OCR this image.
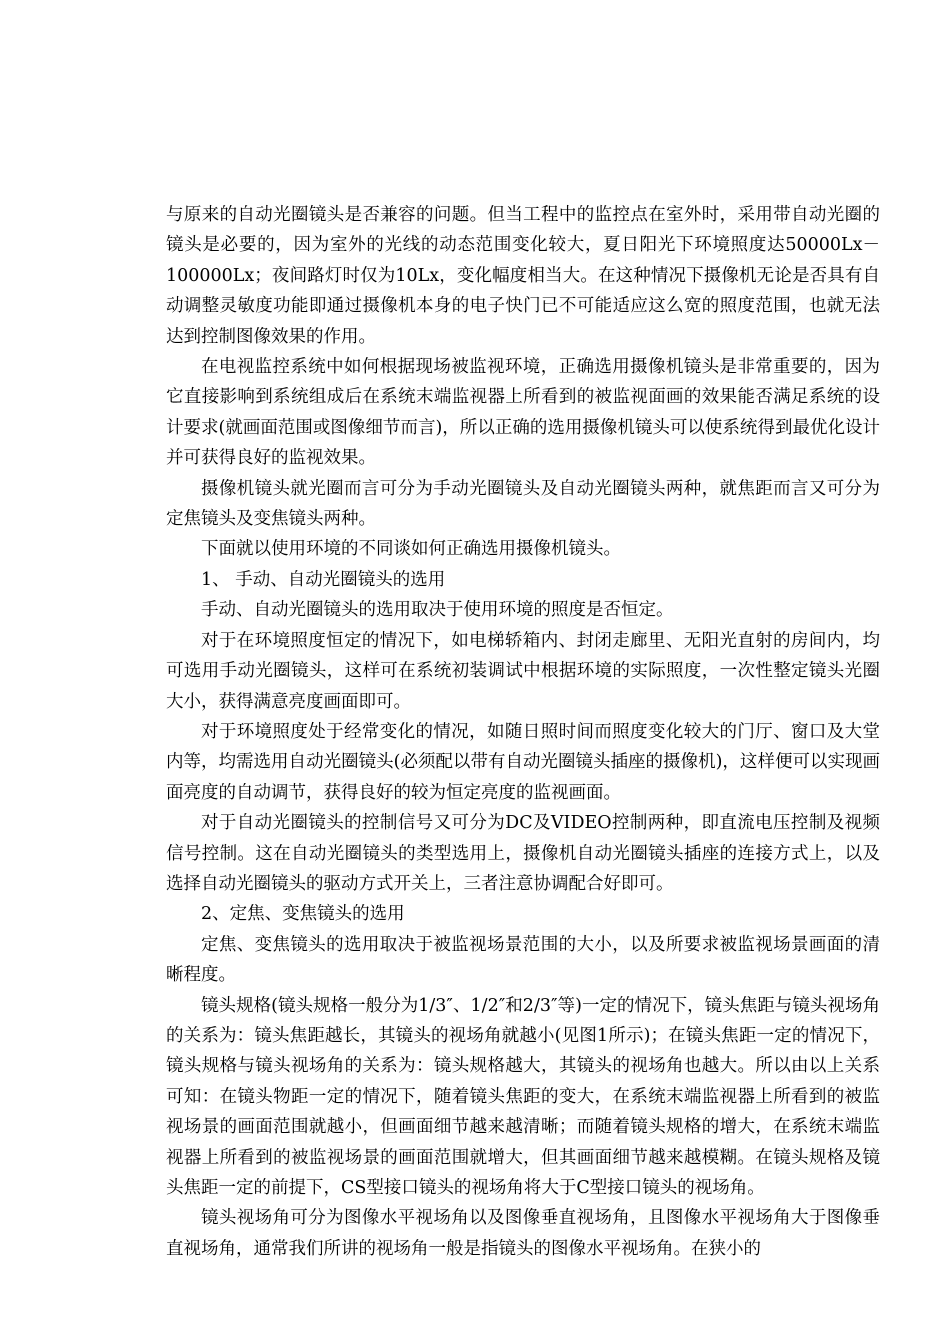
与原来的自动光圈镜头是否兼容的问题。但当工程中的监控点在室外时，采用带自动光圈的镜头是必要的，因为室外的光线的动态范围变化较大，夏日阳光下环境照度达50000Lx－100000Lx；夜间路灯时仅为10Lx，变化幅度相当大。在这种情况下摄像机无论是否具有自动调整灵敏度功能即通过摄像机本身的电子快门已不可能适应这么宽的照度范围，也就无法达到控制图像效果的作用。

在电视监控系统中如何根据现场被监视环境，正确选用摄像机镜头是非常重要的，因为它直接影响到系统组成后在系统末端监视器上所看到的被监视面画的效果能否满足系统的设计要求(就画面范围或图像细节而言)，所以正确的选用摄像机镜头可以使系统得到最优化设计并可获得良好的监视效果。

摄像机镜头就光圈而言可分为手动光圈镜头及自动光圈镜头两种，就焦距而言又可分为定焦镜头及变焦镜头两种。

下面就以使用环境的不同谈如何正确选用摄像机镜头。

1、 手动、自动光圈镜头的选用

手动、自动光圈镜头的选用取决于使用环境的照度是否恒定。

对于在环境照度恒定的情况下，如电梯轿箱内、封闭走廊里、无阳光直射的房间内，均可选用手动光圈镜头，这样可在系统初装调试中根据环境的实际照度，一次性整定镜头光圈大小，获得满意亮度画面即可。

对于环境照度处于经常变化的情况，如随日照时间而照度变化较大的门厅、窗口及大堂内等，均需选用自动光圈镜头(必须配以带有自动光圈镜头插座的摄像机)，这样便可以实现画面亮度的自动调节，获得良好的较为恒定亮度的监视画面。

对于自动光圈镜头的控制信号又可分为DC及VIDEO控制两种，即直流电压控制及视频信号控制。这在自动光圈镜头的类型选用上，摄像机自动光圈镜头插座的连接方式上，以及选择自动光圈镜头的驱动方式开关上，三者注意协调配合好即可。

2、定焦、变焦镜头的选用

定焦、变焦镜头的选用取决于被监视场景范围的大小，以及所要求被监视场景画面的清晰程度。

镜头规格(镜头规格一般分为1/3″、1/2″和2/3″等)一定的情况下，镜头焦距与镜头视场角的关系为：镜头焦距越长，其镜头的视场角就越小(见图1所示)；在镜头焦距一定的情况下，镜头规格与镜头视场角的关系为：镜头规格越大，其镜头的视场角也越大。所以由以上关系可知：在镜头物距一定的情况下，随着镜头焦距的变大，在系统末端监视器上所看到的被监视场景的画面范围就越小，但画面细节越来越清晰；而随着镜头规格的增大，在系统末端监视器上所看到的被监视场景的画面范围就增大，但其画面细节越来越模糊。在镜头规格及镜头焦距一定的前提下，CS型接口镜头的视场角将大于C型接口镜头的视场角。

镜头视场角可分为图像水平视场角以及图像垂直视场角，且图像水平视场角大于图像垂直视场角，通常我们所讲的视场角一般是指镜头的图像水平视场角。在狭小的
